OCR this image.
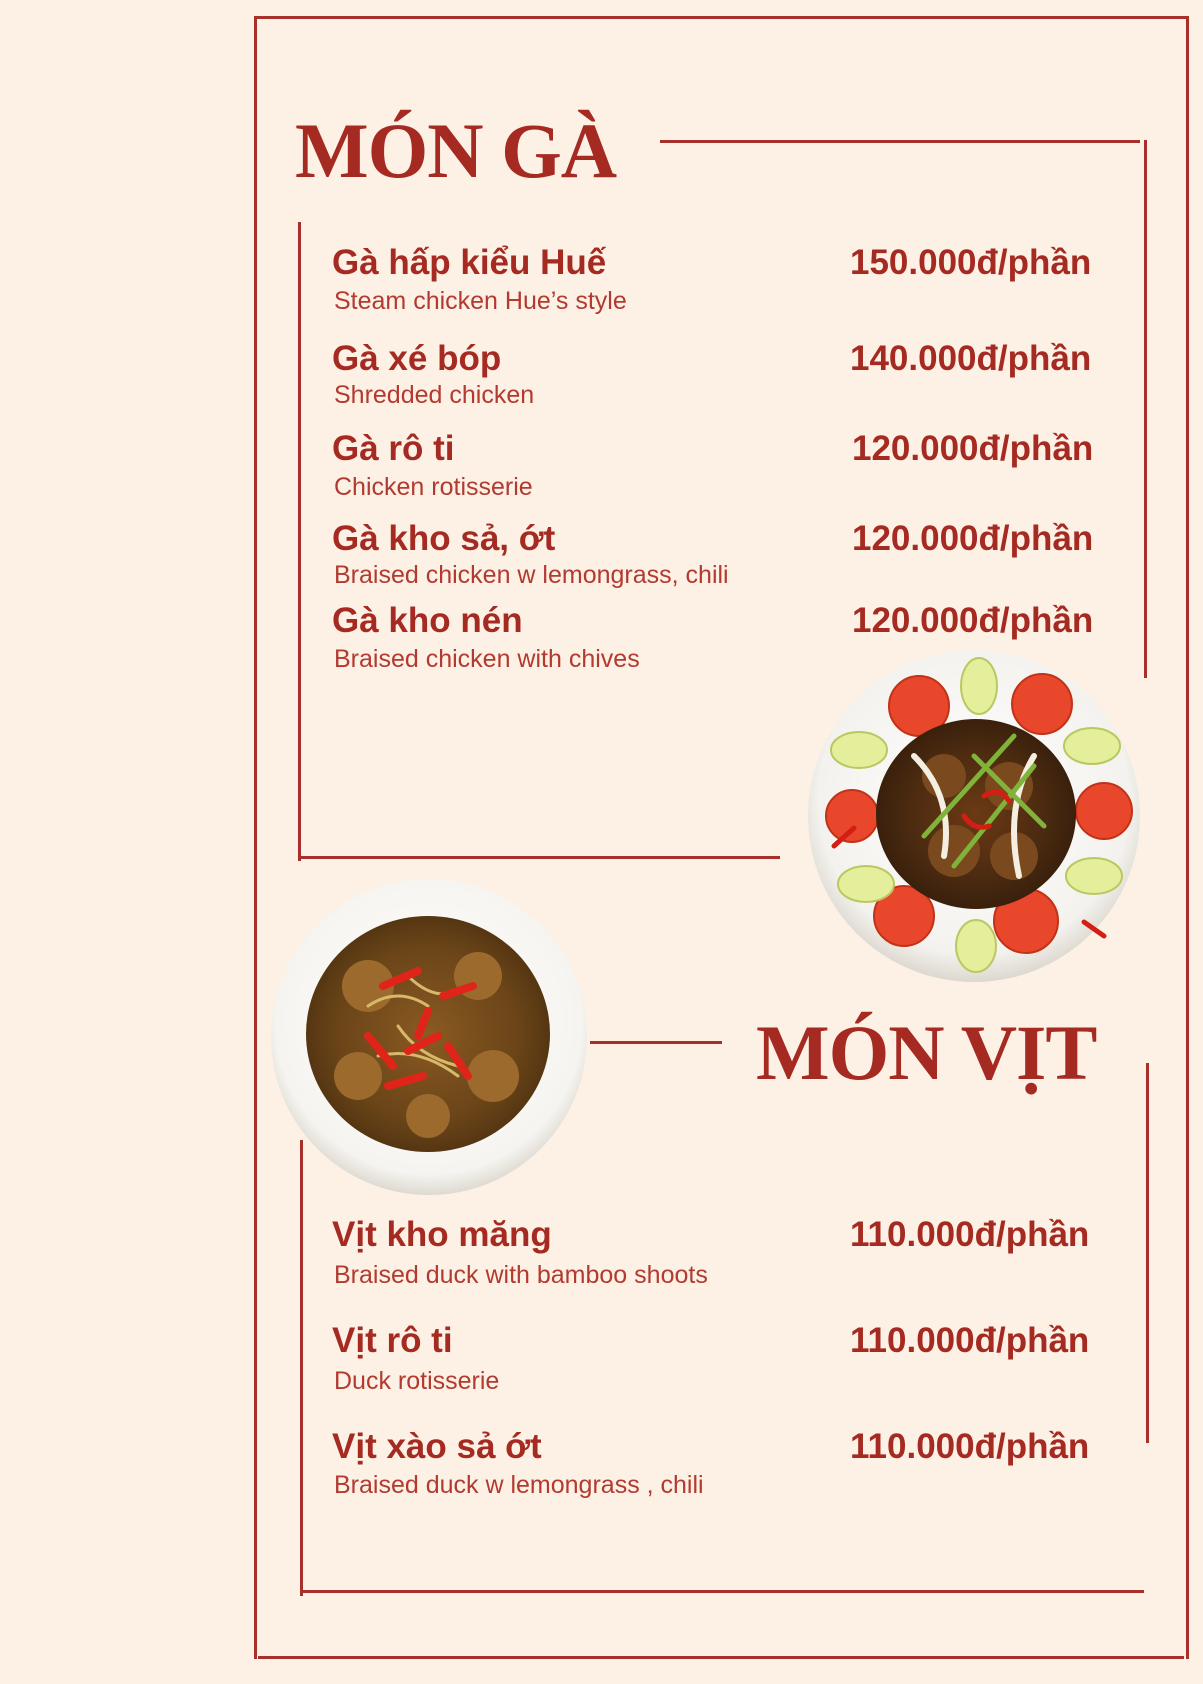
MÓN GÀ
Gà hấp kiểu Huế
Steam chicken Hue’s style
150.000đ/phần
Gà xé bóp
Shredded chicken
140.000đ/phần
Gà rô ti
Chicken rotisserie
120.000đ/phần
Gà kho sả, ớt
Braised chicken w lemongrass, chili
120.000đ/phần
Gà kho nén
Braised chicken with chives
120.000đ/phần
MÓN VỊT
Vịt kho măng
Braised duck with bamboo shoots
110.000đ/phần
Vịt rô ti
Duck rotisserie
110.000đ/phần
Vịt xào sả ớt
Braised duck w lemongrass , chili
110.000đ/phần
